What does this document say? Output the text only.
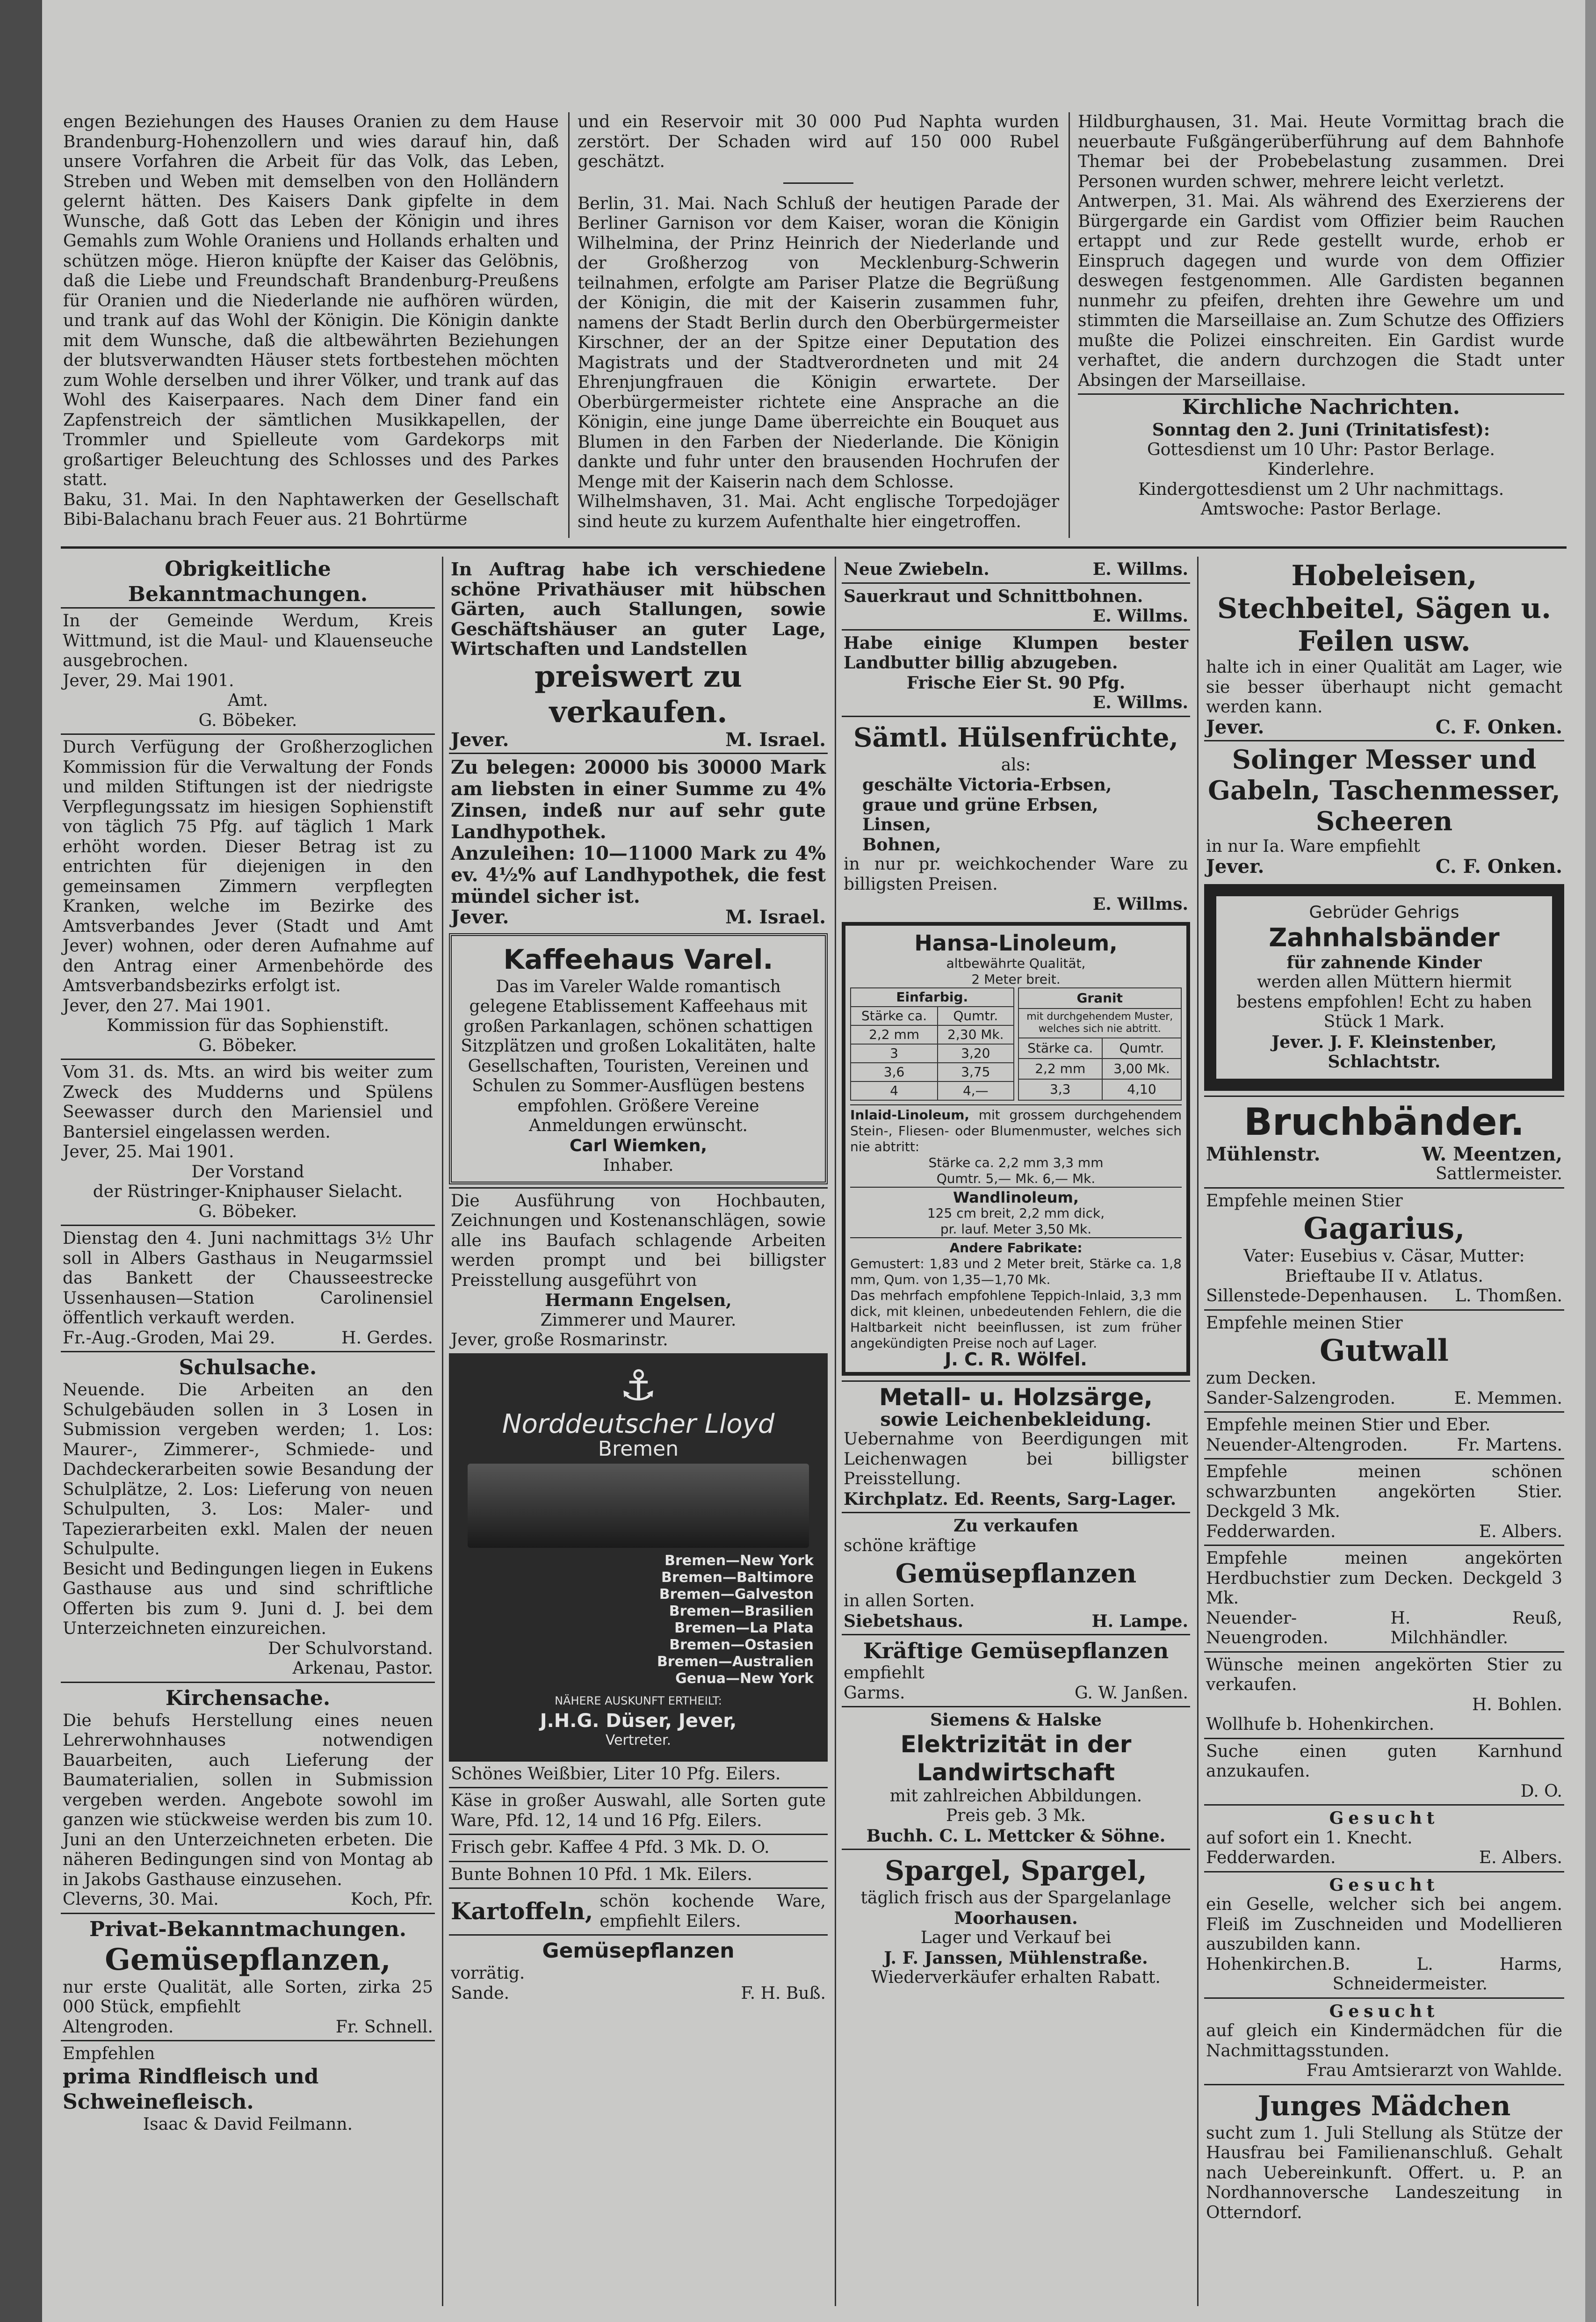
engen Beziehungen des Hauses Oranien zu dem Hause Brandenburg-Hohenzollern und wies darauf hin, daß unsere Vorfahren die Arbeit für das Volk, das Leben, Streben und Weben mit demselben von den Holländern gelernt hätten. Des Kaisers Dank gipfelte in dem Wunsche, daß Gott das Leben der Königin und ihres Gemahls zum Wohle Oraniens und Hollands erhalten und schützen möge. Hieron knüpfte der Kaiser das Gelöbnis, daß die Liebe und Freundschaft Brandenburg-Preußens für Oranien und die Niederlande nie aufhören würden, und trank auf das Wohl der Königin. Die Königin dankte mit dem Wunsche, daß die altbewährten Beziehungen der blutsverwandten Häuser stets fortbestehen möchten zum Wohle derselben und ihrer Völker, und trank auf das Wohl des Kaiserpaares. Nach dem Diner fand ein Zapfenstreich der sämtlichen Musikkapellen, der Trommler und Spielleute vom Gardekorps mit großartiger Beleuchtung des Schlosses und des Parkes statt.

Baku, 31. Mai. In den Naphtawerken der Gesellschaft Bibi-Balachanu brach Feuer aus. 21 Bohrtürme

und ein Reservoir mit 30 000 Pud Naphta wurden zerstört. Der Schaden wird auf 150 000 Rubel geschätzt.

Berlin, 31. Mai. Nach Schluß der heutigen Parade der Berliner Garnison vor dem Kaiser, woran die Königin Wilhelmina, der Prinz Heinrich der Niederlande und der Großherzog von Mecklenburg-Schwerin teilnahmen, erfolgte am Pariser Platze die Begrüßung der Königin, die mit der Kaiserin zusammen fuhr, namens der Stadt Berlin durch den Oberbürgermeister Kirschner, der an der Spitze einer Deputation des Magistrats und der Stadtverordneten und mit 24 Ehrenjungfrauen die Königin erwartete. Der Oberbürgermeister richtete eine Ansprache an die Königin, eine junge Dame überreichte ein Bouquet aus Blumen in den Farben der Niederlande. Die Königin dankte und fuhr unter den brausenden Hochrufen der Menge mit der Kaiserin nach dem Schlosse.

Wilhelmshaven, 31. Mai. Acht englische Torpedojäger sind heute zu kurzem Aufenthalte hier eingetroffen.

Hildburghausen, 31. Mai. Heute Vormittag brach die neuerbaute Fußgängerüberführung auf dem Bahnhofe Themar bei der Probebelastung zusammen. Drei Personen wurden schwer, mehrere leicht verletzt.

Antwerpen, 31. Mai. Als während des Exerzierens der Bürgergarde ein Gardist vom Offizier beim Rauchen ertappt und zur Rede gestellt wurde, erhob er Einspruch dagegen und wurde von dem Offizier deswegen festgenommen. Alle Gardisten begannen nunmehr zu pfeifen, drehten ihre Gewehre um und stimmten die Marseillaise an. Zum Schutze des Offiziers mußte die Polizei einschreiten. Ein Gardist wurde verhaftet, die andern durchzogen die Stadt unter Absingen der Marseillaise.

Kirchliche Nachrichten.
Sonntag den 2. Juni (Trinitatisfest):
Gottesdienst um 10 Uhr: Pastor Berlage.
Kinderlehre.
Kindergottesdienst um 2 Uhr nachmittags.
Amtswoche: Pastor Berlage.
Obrigkeitliche Bekanntmachungen.

In der Gemeinde Werdum, Kreis Wittmund, ist die Maul- und Klauenseuche ausgebrochen.

Jever, 29. Mai 1901.

Amt.

G. Böbeker.

Durch Verfügung der Großherzoglichen Kommission für die Verwaltung der Fonds und milden Stiftungen ist der niedrigste Verpflegungssatz im hiesigen Sophienstift von täglich 75 Pfg. auf täglich 1 Mark erhöht worden. Dieser Betrag ist zu entrichten für diejenigen in den gemeinsamen Zimmern verpflegten Kranken, welche im Bezirke des Amtsverbandes Jever (Stadt und Amt Jever) wohnen, oder deren Aufnahme auf den Antrag einer Armenbehörde des Amtsverbandsbezirks erfolgt ist.

Jever, den 27. Mai 1901.

Kommission für das Sophienstift.

G. Böbeker.

Vom 31. ds. Mts. an wird bis weiter zum Zweck des Mudderns und Spülens Seewasser durch den Mariensiel und Bantersiel eingelassen werden.

Jever, 25. Mai 1901.

Der Vorstand

der Rüstringer-Kniphauser Sielacht.

G. Böbeker.

Dienstag den 4. Juni nachmittags 3½ Uhr soll in Albers Gasthaus in Neugarmssiel das Bankett der Chausseestrecke Ussenhausen—Station Carolinensiel öffentlich verkauft werden.

Fr.-Aug.-Groden, Mai 29.	H. Gerdes.
Schulsache.

Neuende. Die Arbeiten an den Schulgebäuden sollen in 3 Losen in Submission vergeben werden; 1. Los: Maurer-, Zimmerer-, Schmiede- und Dachdeckerarbeiten sowie Besandung der Schulplätze, 2. Los: Lieferung von neuen Schulpulten, 3. Los: Maler- und Tapezierarbeiten exkl. Malen der neuen Schulpulte.

Besicht und Bedingungen liegen in Eukens Gasthause aus und sind schriftliche Offerten bis zum 9. Juni d. J. bei dem Unterzeichneten einzureichen.

Der Schulvorstand.

Arkenau, Pastor.

Kirchensache.

Die behufs Herstellung eines neuen Lehrerwohnhauses notwendigen Bauarbeiten, auch Lieferung der Baumaterialien, sollen in Submission vergeben werden. Angebote sowohl im ganzen wie stückweise werden bis zum 10. Juni an den Unterzeichneten erbeten. Die näheren Bedingungen sind von Montag ab in Jakobs Gasthause einzusehen.

Cleverns, 30. Mai.	Koch, Pfr.
Privat-Bekanntmachungen.
Gemüsepflanzen,

nur erste Qualität, alle Sorten, zirka 25 000 Stück, empfiehlt

Altengroden.	Fr. Schnell.

Empfehlen

prima Rindfleisch und Schweinefleisch.

Isaac & David Feilmann.

In Auftrag habe ich verschiedene schöne Privathäuser mit hübschen Gärten, auch Stallungen, sowie Geschäftshäuser an guter Lage, Wirtschaften und Landstellen

preiswert zu verkaufen.
Jever.	M. Israel.

Zu belegen: 20000 bis 30000 Mark am liebsten in einer Summe zu 4% Zinsen, indeß nur auf sehr gute Landhypothek.

Anzuleihen: 10—11000 Mark zu 4% ev. 4½% auf Landhypothek, die fest mündel sicher ist.

Jever.	M. Israel.
Kaffeehaus Varel.

Das im Vareler Walde romantisch gelegene Etablissement Kaffeehaus mit großen Parkanlagen, schönen schattigen Sitzplätzen und großen Lokalitäten, halte Gesellschaften, Touristen, Vereinen und Schulen zu Sommer-Ausflügen bestens empfohlen. Größere Vereine Anmeldungen erwünscht.

Carl Wiemken,

Inhaber.

Die Ausführung von Hochbauten, Zeichnungen und Kostenanschlägen, sowie alle ins Baufach schlagende Arbeiten werden prompt und bei billigster Preisstellung ausgeführt von

Hermann Engelsen,

Zimmerer und Maurer.

Jever, große Rosmarinstr.

⚓
Norddeutscher Lloyd
Bremen
Bremen—New York
Bremen—Baltimore
Bremen—Galveston
Bremen—Brasilien
Bremen—La Plata
Bremen—Ostasien
Bremen—Australien
Genua—New York
NÄHERE AUSKUNFT ERTHEILT:
J.H.G. Düser, Jever,
Vertreter.

Schönes Weißbier, Liter 10 Pfg. Eilers.

Käse in großer Auswahl, alle Sorten gute Ware, Pfd. 12, 14 und 16 Pfg. Eilers.

Frisch gebr. Kaffee 4 Pfd. 3 Mk. D. O.

Bunte Bohnen 10 Pfd. 1 Mk. Eilers.

Kartoffeln, schön kochende Ware, empfiehlt Eilers.
Gemüsepflanzen

vorrätig.

Sande.	F. H. Buß.
Neue Zwiebeln.	E. Willms.

Sauerkraut und Schnittbohnen.

E. Willms.

Habe einige Klumpen bester Landbutter billig abzugeben.

Frische Eier St. 90 Pfg.

E. Willms.

Sämtl. Hülsenfrüchte,

als:

geschälte Victoria-Erbsen,

graue und grüne Erbsen,

Linsen,

Bohnen,

in nur pr. weichkochender Ware zu billigsten Preisen.

E. Willms.

Hansa-Linoleum,

altbewährte Qualität,

2 Meter breit.

Einfarbig.	
Stärke ca.	Qumtr.
2,2 mm	2,30 Mk.
3	3,20
3,6	3,75
4	4,—
Granit	
mit durchgehendem Muster, welches sich nie abtritt.	
Stärke ca.	Qumtr.
2,2 mm	3,00 Mk.
3,3	4,10

Inlaid-Linoleum, mit grossem durchgehendem Stein-, Fliesen- oder Blumenmuster, welches sich nie abtritt:

Stärke ca. 2,2 mm 3,3 mm

Qumtr. 5,— Mk. 6,— Mk.

Wandlinoleum,

125 cm breit, 2,2 mm dick,

pr. lauf. Meter 3,50 Mk.

Andere Fabrikate:

Gemustert: 1,83 und 2 Meter breit, Stärke ca. 1,8 mm, Qum. von 1,35—1,70 Mk.

Das mehrfach empfohlene Teppich-Inlaid, 3,3 mm dick, mit kleinen, unbedeutenden Fehlern, die die Haltbarkeit nicht beeinflussen, ist zum früher angekündigten Preise noch auf Lager.

J. C. R. Wölfel.

Metall- u. Holzsärge,

sowie Leichenbekleidung.

Uebernahme von Beerdigungen mit Leichenwagen bei billigster Preisstellung.

Kirchplatz. Ed. Reents, Sarg-Lager.

Zu verkaufen

schöne kräftige

Gemüsepflanzen

in allen Sorten.

Siebetshaus.	H. Lampe.
Kräftige Gemüsepflanzen

empfiehlt

Garms.	G. W. Janßen.

Siemens & Halske

Elektrizität in der Landwirtschaft

mit zahlreichen Abbildungen.

Preis geb. 3 Mk.

Buchh. C. L. Mettcker & Söhne.

Spargel, Spargel,

täglich frisch aus der Spargelanlage

Moorhausen.

Lager und Verkauf bei

J. F. Janssen, Mühlenstraße.

Wiederverkäufer erhalten Rabatt.

Hobeleisen, Stechbeitel, Sägen u. Feilen usw.

halte ich in einer Qualität am Lager, wie sie besser überhaupt nicht gemacht werden kann.

Jever.	C. F. Onken.
Solinger Messer und Gabeln, Taschenmesser, Scheeren

in nur Ia. Ware empfiehlt

Jever.	C. F. Onken.

Gebrüder Gehrigs

Zahnhalsbänder

für zahnende Kinder

werden allen Müttern hiermit bestens empfohlen! Echt zu haben Stück 1 Mark.

Jever. J. F. Kleinstenber, Schlachtstr.

Bruchbänder.
Mühlenstr.	W. Meentzen,

Sattlermeister.

Empfehle meinen Stier

Gagarius,

Vater: Eusebius v. Cäsar, Mutter: Brieftaube II v. Atlatus.

Sillenstede-Depenhausen. L. Thomßen.

Empfehle meinen Stier

Gutwall

zum Decken.

Sander-Salzengroden.	E. Memmen.

Empfehle meinen Stier und Eber.

Neuender-Altengroden.	Fr. Martens.

Empfehle meinen schönen schwarzbunten angekörten Stier. Deckgeld 3 Mk.

Fedderwarden.	E. Albers.

Empfehle meinen angekörten Herdbuchstier zum Decken. Deckgeld 3 Mk.

Neuender-Neuengroden.
H. Reuß, Milchhändler.

Wünsche meinen angekörten Stier zu verkaufen.

H. Bohlen.

Wollhufe b. Hohenkirchen.

Suche einen guten Karnhund anzukaufen.

D. O.

Gesucht

auf sofort ein 1. Knecht.

Fedderwarden.	E. Albers.

Gesucht

ein Geselle, welcher sich bei angem. Fleiß im Zuschneiden und Modellieren auszubilden kann.

Hohenkirchen. B. L. Harms, Schneidermeister.

Gesucht

auf gleich ein Kindermädchen für die Nachmittagsstunden.

Frau Amtsierarzt von Wahlde.

Junges Mädchen

sucht zum 1. Juli Stellung als Stütze der Hausfrau bei Familienanschluß. Gehalt nach Uebereinkunft. Offert. u. P. an Nordhannoversche Landeszeitung in Otterndorf.
